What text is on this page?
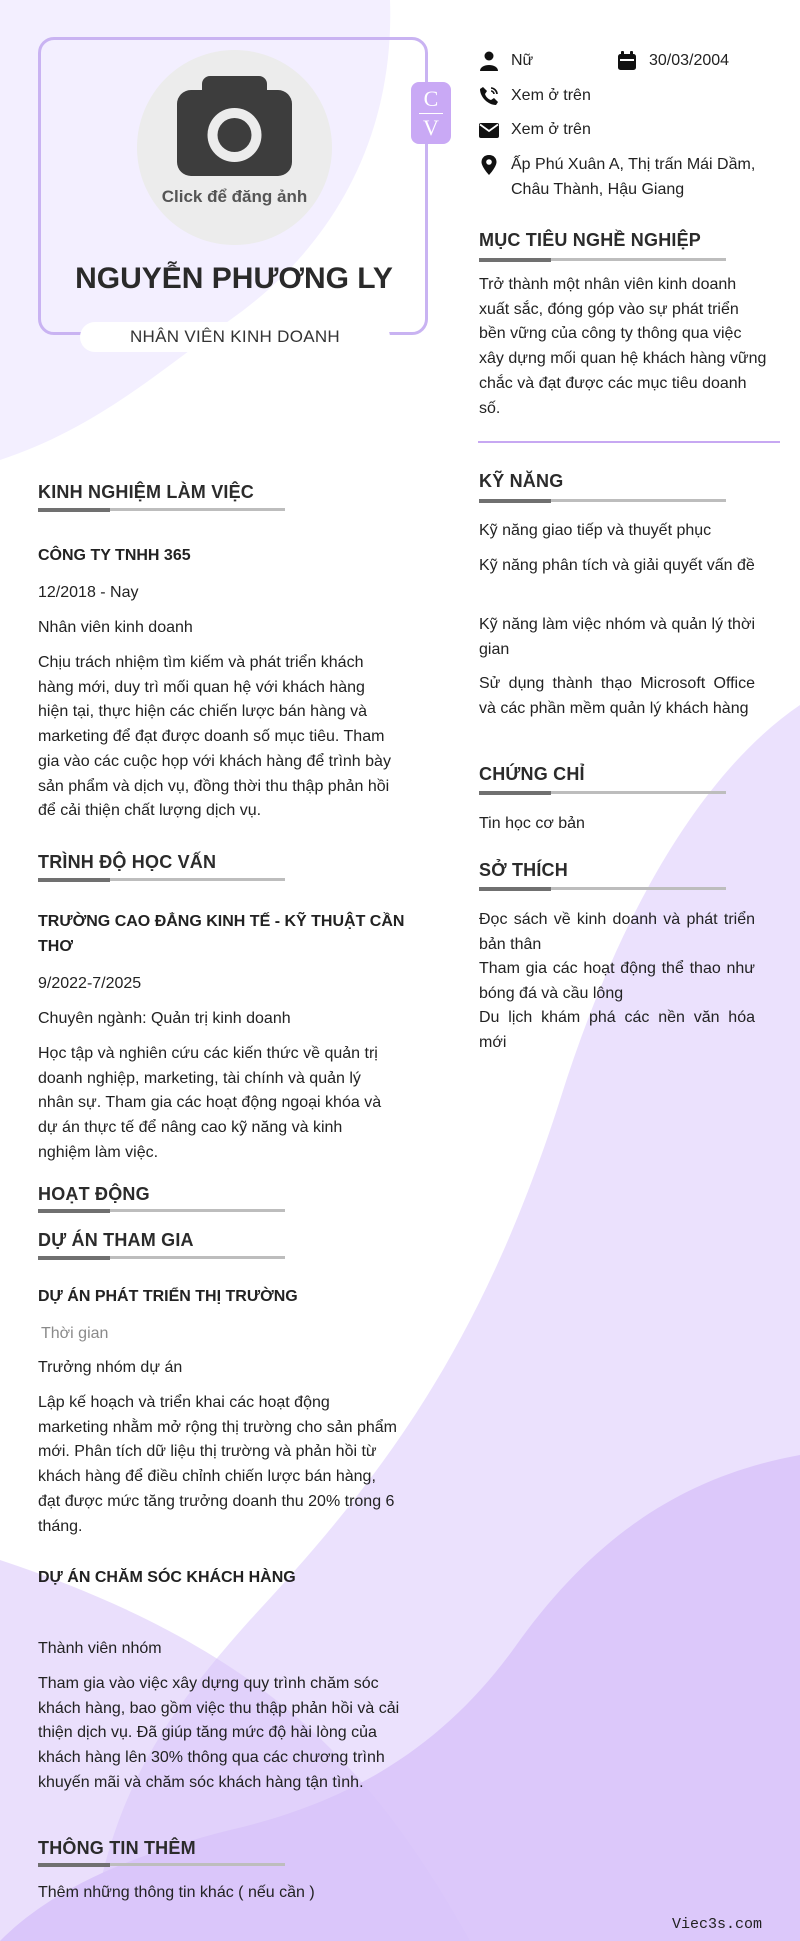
Click để đăng ảnh
NGUYỄN PHƯƠNG LY
NHÂN VIÊN KINH DOANH
C
V
Nữ	30/03/2004
Xem ở trên
Xem ở trên
Ấp Phú Xuân A, Thị trấn Mái Dầm, Châu Thành, Hậu Giang
MỤC TIÊU NGHỀ NGHIỆP
Trở thành một nhân viên kinh doanh xuất sắc, đóng góp vào sự phát triển bền vững của công ty thông qua việc xây dựng mối quan hệ khách hàng vững chắc và đạt được các mục tiêu doanh số.
KỸ NĂNG
Kỹ năng giao tiếp và thuyết phục
Kỹ năng phân tích và giải quyết vấn đề
Kỹ năng làm việc nhóm và quản lý thời gian
Sử dụng thành thạo Microsoft Office và các phần mềm quản lý khách hàng
CHỨNG CHỈ
Tin học cơ bản
SỞ THÍCH
Đọc sách về kinh doanh và phát triển bản thân
Tham gia các hoạt động thể thao như bóng đá và cầu lông
Du lịch khám phá các nền văn hóa mới
KINH NGHIỆM LÀM VIỆC
CÔNG TY TNHH 365
12/2018 - Nay
Nhân viên kinh doanh
Chịu trách nhiệm tìm kiếm và phát triển khách hàng mới, duy trì mối quan hệ với khách hàng hiện tại, thực hiện các chiến lược bán hàng và marketing để đạt được doanh số mục tiêu. Tham gia vào các cuộc họp với khách hàng để trình bày sản phẩm và dịch vụ, đồng thời thu thập phản hồi để cải thiện chất lượng dịch vụ.
TRÌNH ĐỘ HỌC VẤN
TRƯỜNG CAO ĐẲNG KINH TẾ - KỸ THUẬT CẦN THƠ
9/2022-7/2025
Chuyên ngành: Quản trị kinh doanh
Học tập và nghiên cứu các kiến thức về quản trị doanh nghiệp, marketing, tài chính và quản lý nhân sự. Tham gia các hoạt động ngoại khóa và dự án thực tế để nâng cao kỹ năng và kinh nghiệm làm việc.
HOẠT ĐỘNG
DỰ ÁN THAM GIA
DỰ ÁN PHÁT TRIỂN THỊ TRƯỜNG
Thời gian
Trưởng nhóm dự án
Lập kế hoạch và triển khai các hoạt động marketing nhằm mở rộng thị trường cho sản phẩm mới. Phân tích dữ liệu thị trường và phản hồi từ khách hàng để điều chỉnh chiến lược bán hàng, đạt được mức tăng trưởng doanh thu 20% trong 6 tháng.
DỰ ÁN CHĂM SÓC KHÁCH HÀNG
Thành viên nhóm
Tham gia vào việc xây dựng quy trình chăm sóc khách hàng, bao gồm việc thu thập phản hồi và cải thiện dịch vụ. Đã giúp tăng mức độ hài lòng của khách hàng lên 30% thông qua các chương trình khuyến mãi và chăm sóc khách hàng tận tình.
THÔNG TIN THÊM
Thêm những thông tin khác ( nếu cần )
Viec3s.com
